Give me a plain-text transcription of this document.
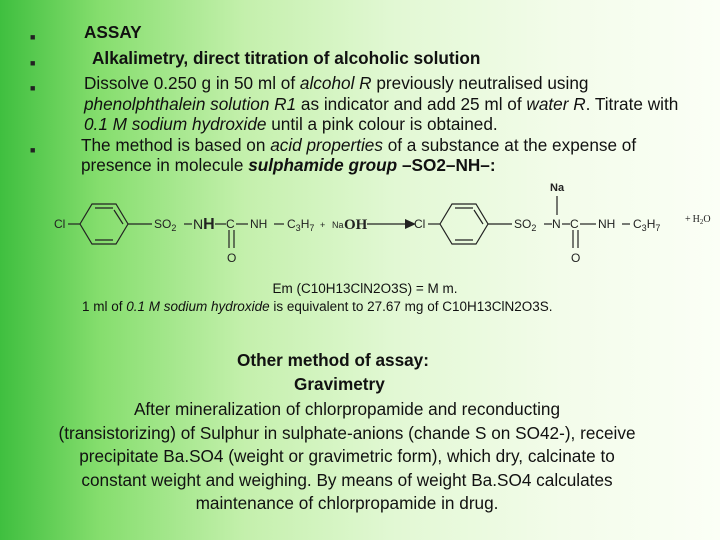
■	ASSAY
■	Alkalimetry, direct titration of alcoholic solution
■	Dissolve 0.250 g in 50 ml of alcohol R previously neutralised using phenolphthalein solution R1 as indicator and add 25 ml of water R. Titrate with 0.1 M sodium hydroxide until a pink colour is obtained.
■	The method is based on acid properties of a substance at the expense of presence in molecule sulphamide group –SO2–NH–:
Cl	$SO_2$ NH C
O
NH $C_3H_7 + Na$ OH	Cl	$SO_2$ N
Na
C
O
NH $C_3H_7$
+ $H_2O$
Em (C10H13ClN2O3S) = M m.
1 ml of 0.1 M sodium hydroxide is equivalent to 27.67 mg of C10H13ClN2O3S.
Other method of assay:
Gravimetry
After mineralization of chlorpropamide and reconducting
(transistorizing) of Sulphur in sulphate-anions (chande S on SO42-), receive
precipitate Ba.SO4 (weight or gravimetric form), which dry, calcinate to
constant weight and weighing. By means of weight Ba.SO4 calculates
maintenance of chlorpropamide in drug.
